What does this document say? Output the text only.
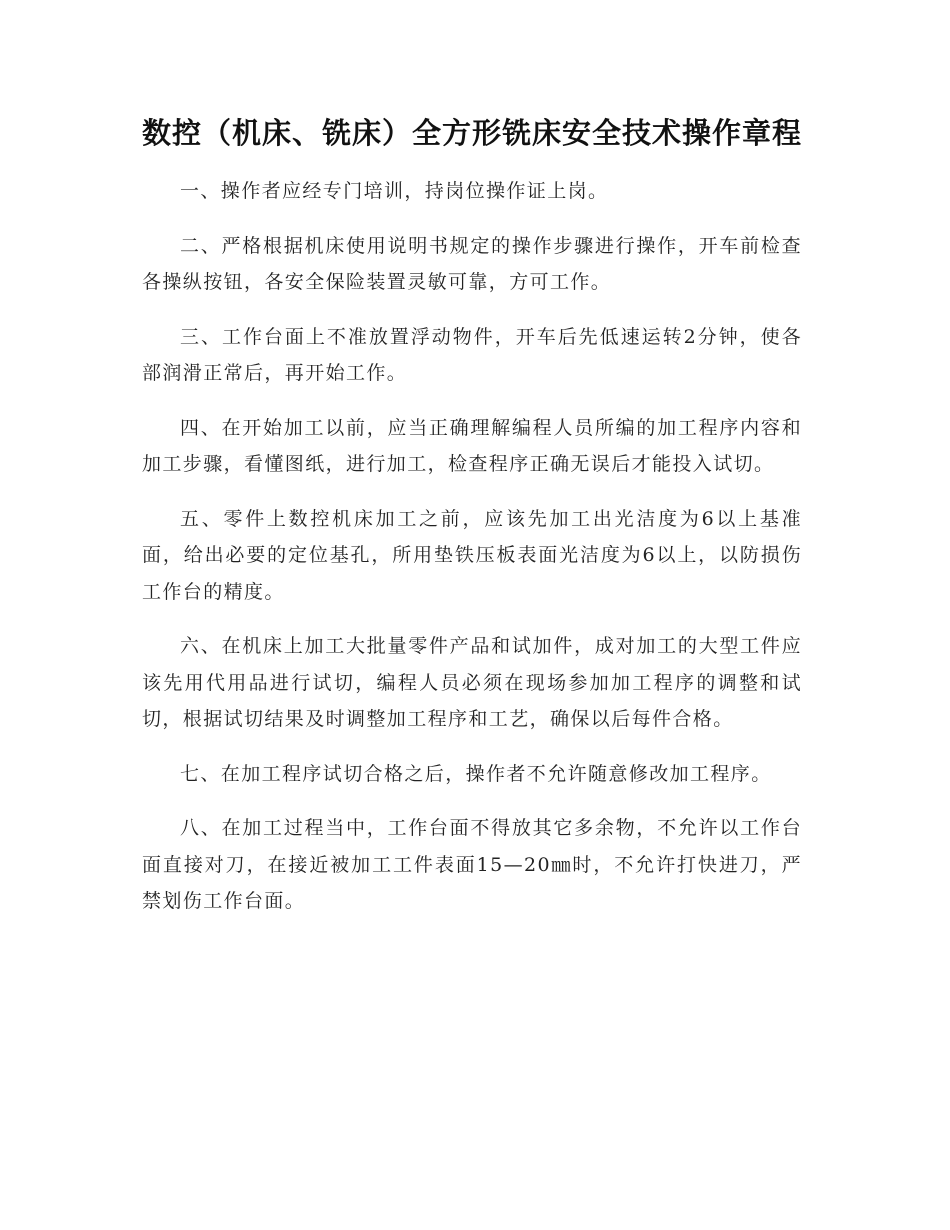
数控（机床、铣床）全方形铣床安全技术操作章程

一、操作者应经专门培训，持岗位操作证上岗。

二、严格根据机床使用说明书规定的操作步骤进行操作，开车前检查各操纵按钮，各安全保险装置灵敏可靠，方可工作。

三、工作台面上不准放置浮动物件，开车后先低速运转2分钟，使各部润滑正常后，再开始工作。

四、在开始加工以前，应当正确理解编程人员所编的加工程序内容和加工步骤，看懂图纸，进行加工，检查程序正确无误后才能投入试切。

五、零件上数控机床加工之前，应该先加工出光洁度为6以上基准面，给出必要的定位基孔，所用垫铁压板表面光洁度为6以上，以防损伤工作台的精度。

六、在机床上加工大批量零件产品和试加件，成对加工的大型工件应该先用代用品进行试切，编程人员必须在现场参加加工程序的调整和试切，根据试切结果及时调整加工程序和工艺，确保以后每件合格。

七、在加工程序试切合格之后，操作者不允许随意修改加工程序。

八、在加工过程当中，工作台面不得放其它多余物，不允许以工作台面直接对刀，在接近被加工工件表面15—20㎜时，不允许打快进刀，严禁划伤工作台面。
